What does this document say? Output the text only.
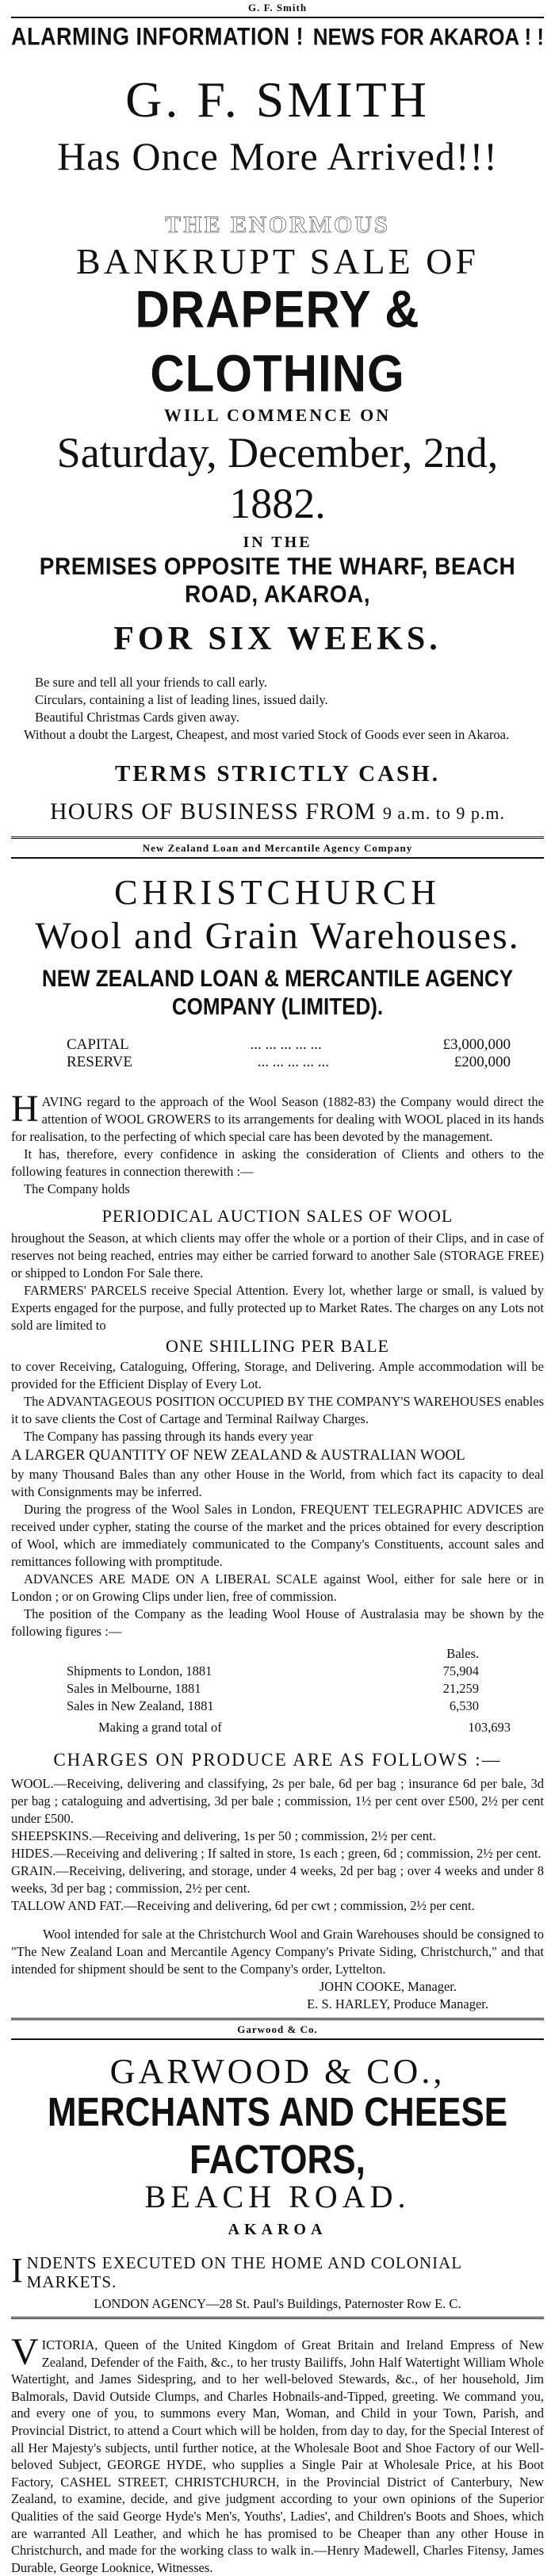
G. F. Smith
ALARMING INFORMATION ! NEWS FOR AKAROA ! !
G. F. SMITH
Has Once More Arrived!!!
THE ENORMOUS
BANKRUPT SALE OF
DRAPERY & CLOTHING
WILL COMMENCE ON
Saturday, December, 2nd, 1882.
IN THE
PREMISES OPPOSITE THE WHARF, BEACH ROAD, AKAROA,
FOR SIX WEEKS.
Be sure and tell all your friends to call early.
Circulars, containing a list of leading lines, issued daily.
Beautiful Christmas Cards given away.
Without a doubt the Largest, Cheapest, and most varied Stock of Goods ever seen in Akaroa.
TERMS STRICTLY CASH.
HOURS OF BUSINESS FROM 9 a.m. to 9 p.m.
New Zealand Loan and Mercantile Agency Company
CHRISTCHURCH
Wool and Grain Warehouses.
NEW ZEALAND LOAN & MERCANTILE AGENCY COMPANY (LIMITED).
CAPITAL	... ... ... ... ...	£3,000,000
RESERVE	... ... ... ... ...	£200,000

HAVING regard to the approach of the Wool Season (1882-83) the Company would direct the attention of WOOL GROWERS to its arrangements for dealing with WOOL placed in its hands for realisation, to the perfecting of which special care has been devoted by the management.

It has, therefore, every confidence in asking the consideration of Clients and others to the following features in connection therewith :—

The Company holds

PERIODICAL AUCTION SALES OF WOOL

hroughout the Season, at which clients may offer the whole or a portion of their Clips, and in case of reserves not being reached, entries may either be carried forward to another Sale (STORAGE FREE) or shipped to London For Sale there.

FARMERS' PARCELS receive Special Attention. Every lot, whether large or small, is valued by Experts engaged for the purpose, and fully protected up to Market Rates. The charges on any Lots not sold are limited to

ONE SHILLING PER BALE

to cover Receiving, Cataloguing, Offering, Storage, and Delivering. Ample accommodation will be provided for the Efficient Display of Every Lot.

The ADVANTAGEOUS POSITION OCCUPIED BY THE COMPANY'S WAREHOUSES enables it to save clients the Cost of Cartage and Terminal Railway Charges.

The Company has passing through its hands every year

A LARGER QUANTITY OF NEW ZEALAND & AUSTRALIAN WOOL

by many Thousand Bales than any other House in the World, from which fact its capacity to deal with Consignments may be inferred.

During the progress of the Wool Sales in London, FREQUENT TELEGRAPHIC ADVICES are received under cypher, stating the course of the market and the prices obtained for every description of Wool, which are immediately communicated to the Company's Constituents, account sales and remittances following with promptitude.

ADVANCES ARE MADE ON A LIBERAL SCALE against Wool, either for sale here or in London ; or on Growing Clips under lien, free of commission.

The position of the Company as the leading Wool House of Australasia may be shown by the following figures :—

Bales.
Shipments to London, 1881	75,904
Sales in Melbourne, 1881	21,259
Sales in New Zealand, 1881	6,530
Making a grand total of	103,693
CHARGES ON PRODUCE ARE AS FOLLOWS :—
WOOL.—Receiving, delivering and classifying, 2s per bale, 6d per bag ; insurance 6d per bale, 3d per bag ; cataloguing and advertising, 3d per bale ; commission, 1½ per cent over £500, 2½ per cent under £500.
SHEEPSKINS.—Receiving and delivering, 1s per 50 ; commission, 2½ per cent.
HIDES.—Receiving and delivering ; If salted in store, 1s each ; green, 6d ; commission, 2½ per cent.
GRAIN.—Receiving, delivering, and storage, under 4 weeks, 2d per bag ; over 4 weeks and under 8 weeks, 3d per bag ; commission, 2½ per cent.
TALLOW AND FAT.—Receiving and delivering, 6d per cwt ; commission, 2½ per cent.
Wool intended for sale at the Christchurch Wool and Grain Warehouses should be consigned to "The New Zealand Loan and Mercantile Agency Company's Private Siding, Christchurch," and that intended for shipment should be sent to the Company's order, Lyttelton.
JOHN COOKE, Manager.
E. S. HARLEY, Produce Manager.
Garwood & Co.
GARWOOD & CO.,
MERCHANTS AND CHEESE FACTORS,
BEACH ROAD.
AKAROA
INDENTS EXECUTED ON THE HOME AND COLONIAL MARKETS.
LONDON AGENCY—28 St. Paul's Buildings, Paternoster Row E. C.
VICTORIA, Queen of the United Kingdom of Great Britain and Ireland Empress of New Zealand, Defender of the Faith, &c., to her trusty Bailiffs, John Half Watertight William Whole Watertight, and James Sidespring, and to her well-beloved Stewards, &c., of her household, Jim Balmorals, David Outside Clumps, and Charles Hobnails-and-Tipped, greeting. We command you, and every one of you, to summons every Man, Woman, and Child in your Town, Parish, and Provincial District, to attend a Court which will be holden, from day to day, for the Special Interest of all Her Majesty's subjects, until further notice, at the Wholesale Boot and Shoe Factory of our Well-beloved Subject, GEORGE HYDE, who supplies a Single Pair at Wholesale Price, at his Boot Factory, CASHEL STREET, CHRISTCHURCH, in the Provincial District of Canterbury, New Zealand, to examine, decide, and give judgment according to your own opinions of the Superior Qualities of the said George Hyde's Men's, Youths', Ladies', and Children's Boots and Shoes, which are warranted All Leather, and which he has promised to be Cheaper than any other House in Christchurch, and made for the working class to walk in.—Henry Madewell, Charles Fitensy, James Durable, George Looknice, Witnesses.
